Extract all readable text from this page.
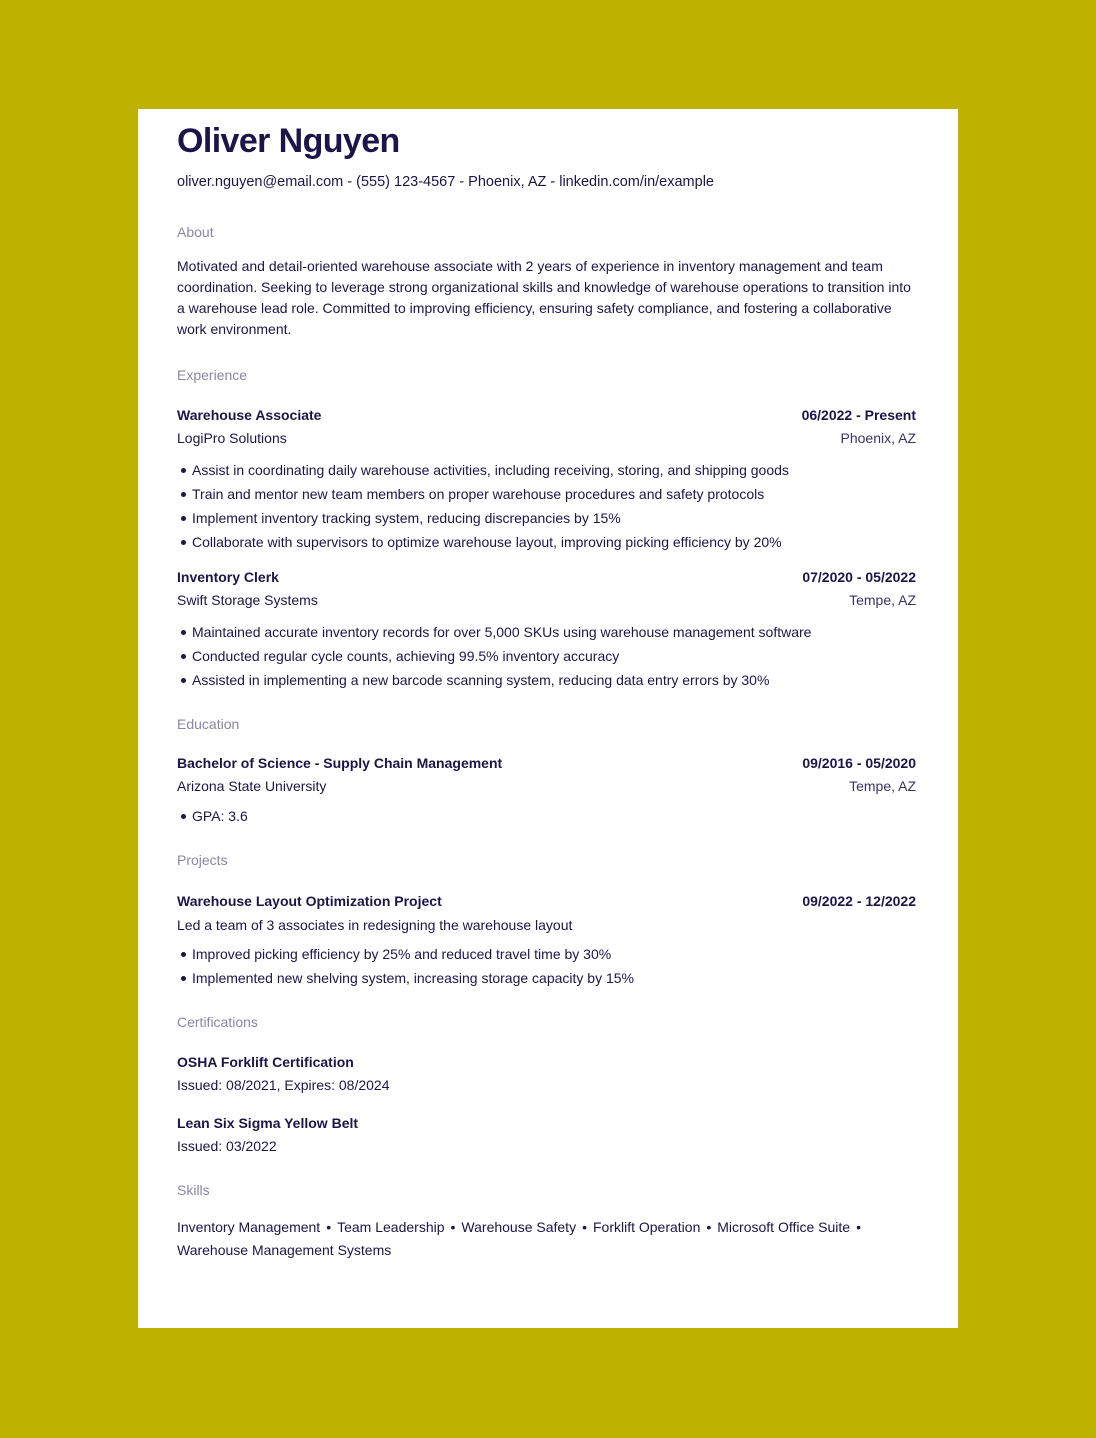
Oliver Nguyen
oliver.nguyen@email.com - (555) 123-4567 - Phoenix, AZ - linkedin.com/in/example
About
Motivated and detail-oriented warehouse associate with 2 years of experience in inventory management and team coordination. Seeking to leverage strong organizational skills and knowledge of warehouse operations to transition into a warehouse lead role. Committed to improving efficiency, ensuring safety compliance, and fostering a collaborative work environment.
Experience
Warehouse Associate	06/2022 - Present
LogiPro Solutions	Phoenix, AZ
Assist in coordinating daily warehouse activities, including receiving, storing, and shipping goods
Train and mentor new team members on proper warehouse procedures and safety protocols
Implement inventory tracking system, reducing discrepancies by 15%
Collaborate with supervisors to optimize warehouse layout, improving picking efficiency by 20%
Inventory Clerk	07/2020 - 05/2022
Swift Storage Systems	Tempe, AZ
Maintained accurate inventory records for over 5,000 SKUs using warehouse management software
Conducted regular cycle counts, achieving 99.5% inventory accuracy
Assisted in implementing a new barcode scanning system, reducing data entry errors by 30%
Education
Bachelor of Science - Supply Chain Management	09/2016 - 05/2020
Arizona State University	Tempe, AZ
GPA: 3.6
Projects
Warehouse Layout Optimization Project	09/2022 - 12/2022
Led a team of 3 associates in redesigning the warehouse layout
Improved picking efficiency by 25% and reduced travel time by 30%
Implemented new shelving system, increasing storage capacity by 15%
Certifications
OSHA Forklift Certification
Issued: 08/2021, Expires: 08/2024
Lean Six Sigma Yellow Belt
Issued: 03/2022
Skills
Inventory Management • Team Leadership • Warehouse Safety • Forklift Operation • Microsoft Office Suite •
Warehouse Management Systems
